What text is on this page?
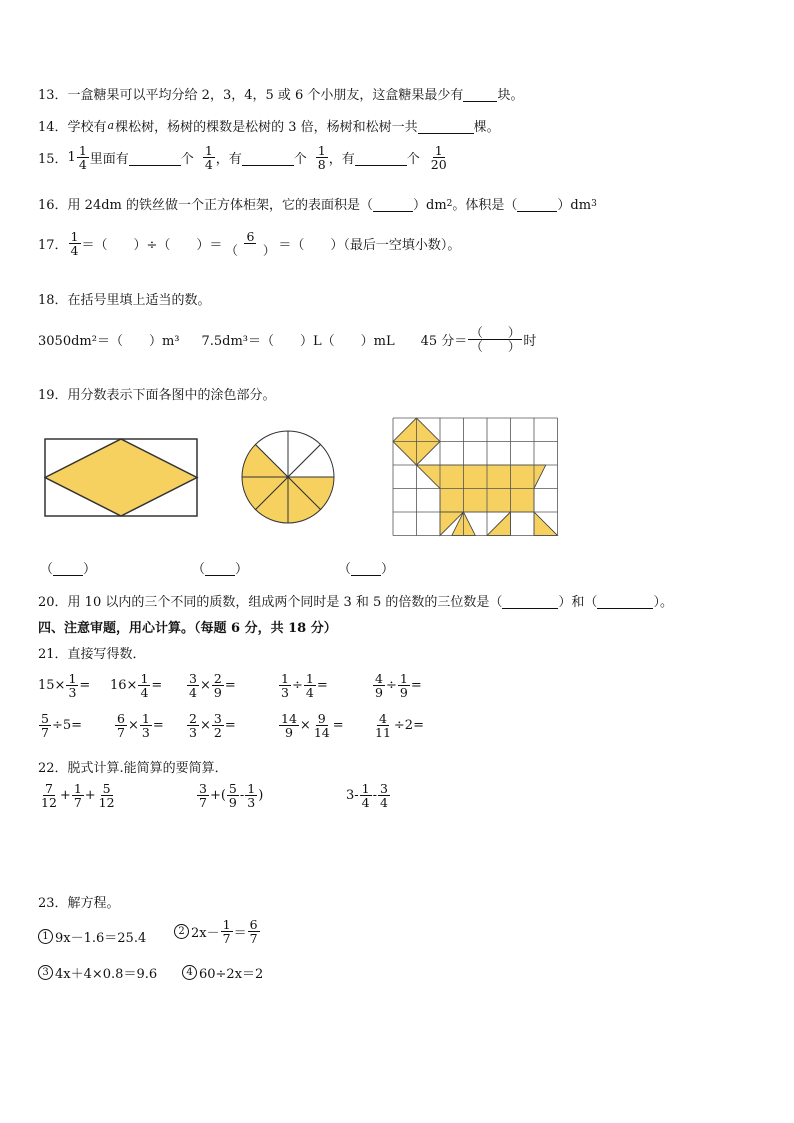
13．一盒糖果可以平均分给 2，3，4，5 或 6 个小朋友，这盒糖果最少有
	块。
14．学校有 a 棵松树，杨树的棵数是松树的 3 倍，杨树和松树一共
	棵。
15． $1 \frac{1}{4}$ 里面有
	个 $\frac{1}{4}$ ，有
	个 $\frac{1}{8}$ ，有
	个 $\frac{1}{20}$
16．用 24dm 的铁丝做一个正方体柜架，它的表面积是（
	）dm 2 。体积是（
	）dm 3
17． $\frac{1}{4}$ ＝（　　）÷（　　）＝ $\frac{6}{( )}$ ＝（　　）（最后一空填小数）。
18．在括号里填上适当的数。
3050dm²＝（　　）m³ 7.5dm³＝（　　）L（　　）mL 45 分＝ $\frac{( )}{( )}$ 时
19．用分数表示下面各图中的涂色部分。
（
）	（
）	（
）
20．用 10 以内的三个不同的质数，组成两个同时是 3 和 5 的倍数的三位数是（
	）和（
	）。
四、注意审题，用心计算。（每题 6 分，共 18 分）
21．直接写得数．
$15\times \frac{1}{3} = 16\times \frac{1}{4} = \frac{3}{4} \times \frac{2}{9}$ =	$\frac{1}{3} \div \frac{1}{4}$ =	$\frac{4}{9} \div \frac{1}{9}$ =
$\frac{5}{7} \div 5=$	$\frac{6}{7} \times \frac{1}{3} = \frac{2}{3} \times \frac{3}{2}$ =	$\frac{14}{9} \times \frac{9}{14} = \frac{4}{11} \div 2=$
22．脱式计算.能简算的要简算．
$\frac{7}{12} + \frac{1}{7} + \frac{5}{12}$	$\frac{3}{7}$ +( $\frac{5}{9} - \frac{1}{3}$ )	$3- \frac{1}{4} - \frac{3}{4}$
23．解方程。
1 9x－1.6＝25.4	2 $2x- \frac{1}{7} = \frac{6}{7}$
3 4x＋4×0.8＝9.6	4 60÷2x＝2
